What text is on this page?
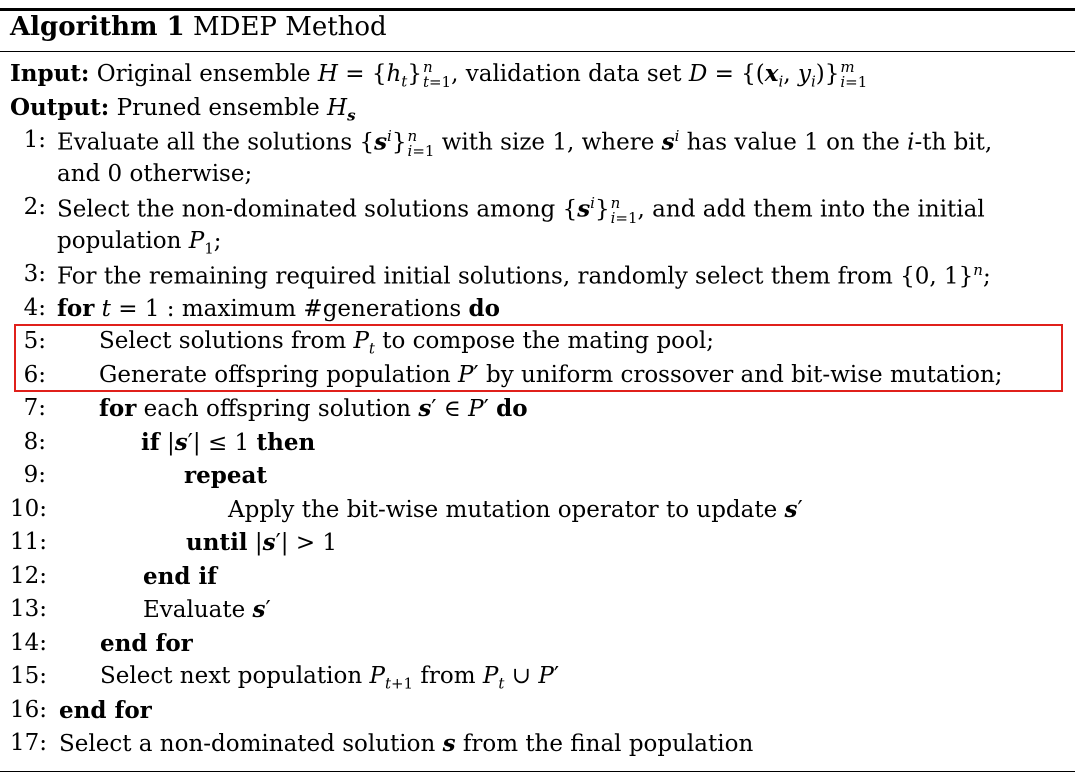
Algorithm 1 MDEP Method
Input: Original ensemble $H = \{h_t\}n$
t=1, validation data set $D = \{(x_i$, $y_i)\}m$
i=1
Output: Pruned ensemble $H_s$
1: Evaluate all the solutions $\{s^i\}n$
i=1 with size 1, where $s^i$ has value 1 on the i-th bit,
and 0 otherwise;
2: Select the non-dominated solutions among $\{s^i\}n$
i=1, and add them into the initial
population $P_1$;
3: For the remaining required initial solutions, randomly select them from {0, 1}$^n$;
4: for t = 1 : maximum #generations do
5: Select solutions from $P_t$ to compose the mating pool;
6: Generate offspring population P′ by uniform crossover and bit-wise mutation;
7: for each offspring solution s′ ∈ P′ do
8:	if |s′| ≤ 1 then
9:	repeat
10:	Apply the bit-wise mutation operator to update s′
11:	until |s′| > 1
12:	end if
13:	Evaluate s′
14: end for
15: Select next population $P_{t+1}$ from $P_t$ ∪ P′
16: end for
17: Select a non-dominated solution s from the final population
